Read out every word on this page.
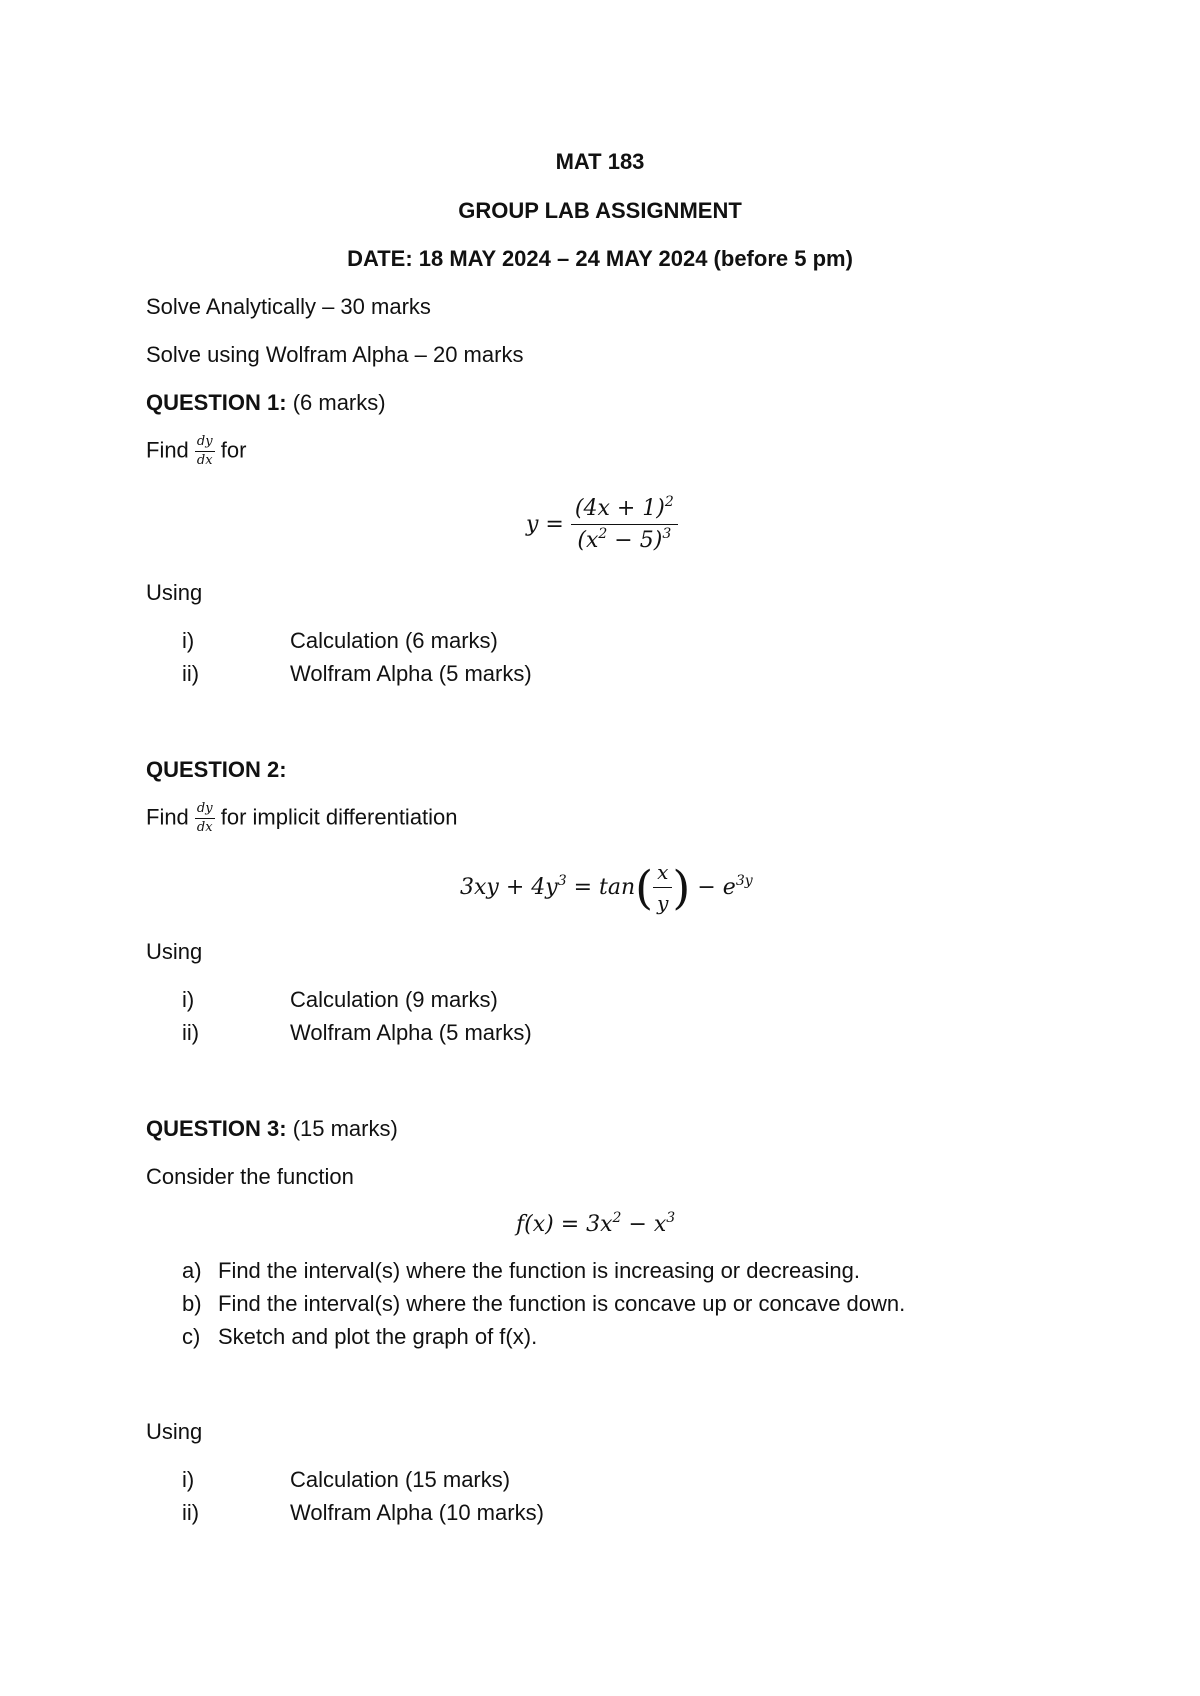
MAT 183
GROUP LAB ASSIGNMENT
DATE: 18 MAY 2024 – 24 MAY 2024 (before 5 pm)
Solve Analytically – 30 marks
Solve using Wolfram Alpha – 20 marks
QUESTION 1: (6 marks)
Find $\frac{dy}{dx}$ for
$y = \frac{(4x + 1)^2}{(x^2 - 5)^3}$
Using
i)	Calculation (6 marks)
ii)	Wolfram Alpha (5 marks)
QUESTION 2:
Find $\frac{dy}{dx}$ for implicit differentiation
$3xy + 4y^3 = \tan( \frac{x}{y}$ ) − $e^{3y}$
Using
i)	Calculation (9 marks)
ii)	Wolfram Alpha (5 marks)
QUESTION 3: (15 marks)
Consider the function
$f(x) = 3x^2 - x^3$
a) Find the interval(s) where the function is increasing or decreasing.
b) Find the interval(s) where the function is concave up or concave down.
c) Sketch and plot the graph of f(x).
Using
i)	Calculation (15 marks)
ii)	Wolfram Alpha (10 marks)
